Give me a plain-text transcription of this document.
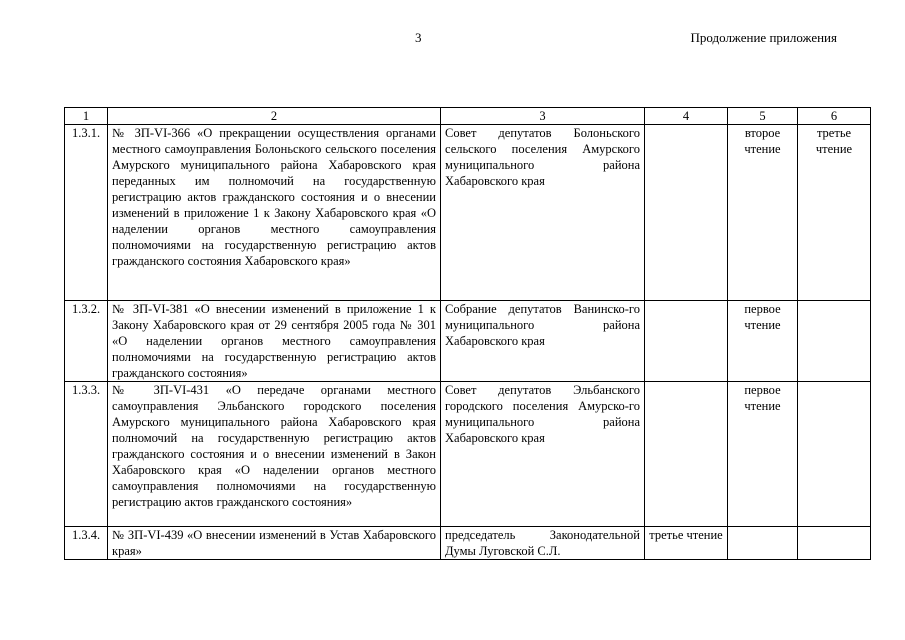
3	Продолжение приложения
1	2	3	4	5	6
1.3.1.	№ ЗП-VI-366 «О прекращении осуществления органами местного самоуправления Болоньского сельского поселения Амурского муниципального района Хабаровского края переданных им полномочий на государственную регистрацию актов гражданского состояния и о внесении изменений в приложение 1 к Закону Хабаровского края «О наделении органов местного самоуправления полномочиями на государственную регистрацию актов гражданского состояния Хабаровского края»	Совет депутатов Болоньского сельского поселения Амурского муниципального района Хабаровского края		второе чтение	третье чтение
1.3.2.	№ ЗП-VI-381 «О внесении изменений в приложение 1 к Закону Хабаровского края от 29 сентября 2005 года № 301 «О наделении органов местного самоуправления полномочиями на государственную регистрацию актов гражданского состояния»	Собрание депутатов Ванинско-го муниципального района Хабаровского края		первое чтение	
1.3.3.	№ ЗП-VI-431 «О передаче органами местного самоуправления Эльбанского городского поселения Амурского муниципального района Хабаровского края полномочий на государственную регистрацию актов гражданского состояния и о внесении изменений в Закон Хабаровского края «О наделении органов местного самоуправления полномочиями на государственную регистрацию актов гражданского состояния»	Совет депутатов Эльбанского городского поселения Амурско-го муниципального района Хабаровского края		первое чтение	
1.3.4.	№ ЗП-VI-439 «О внесении изменений в Устав Хабаровского края»	председатель Законодательной Думы Луговской С.Л.	третье чтение		
